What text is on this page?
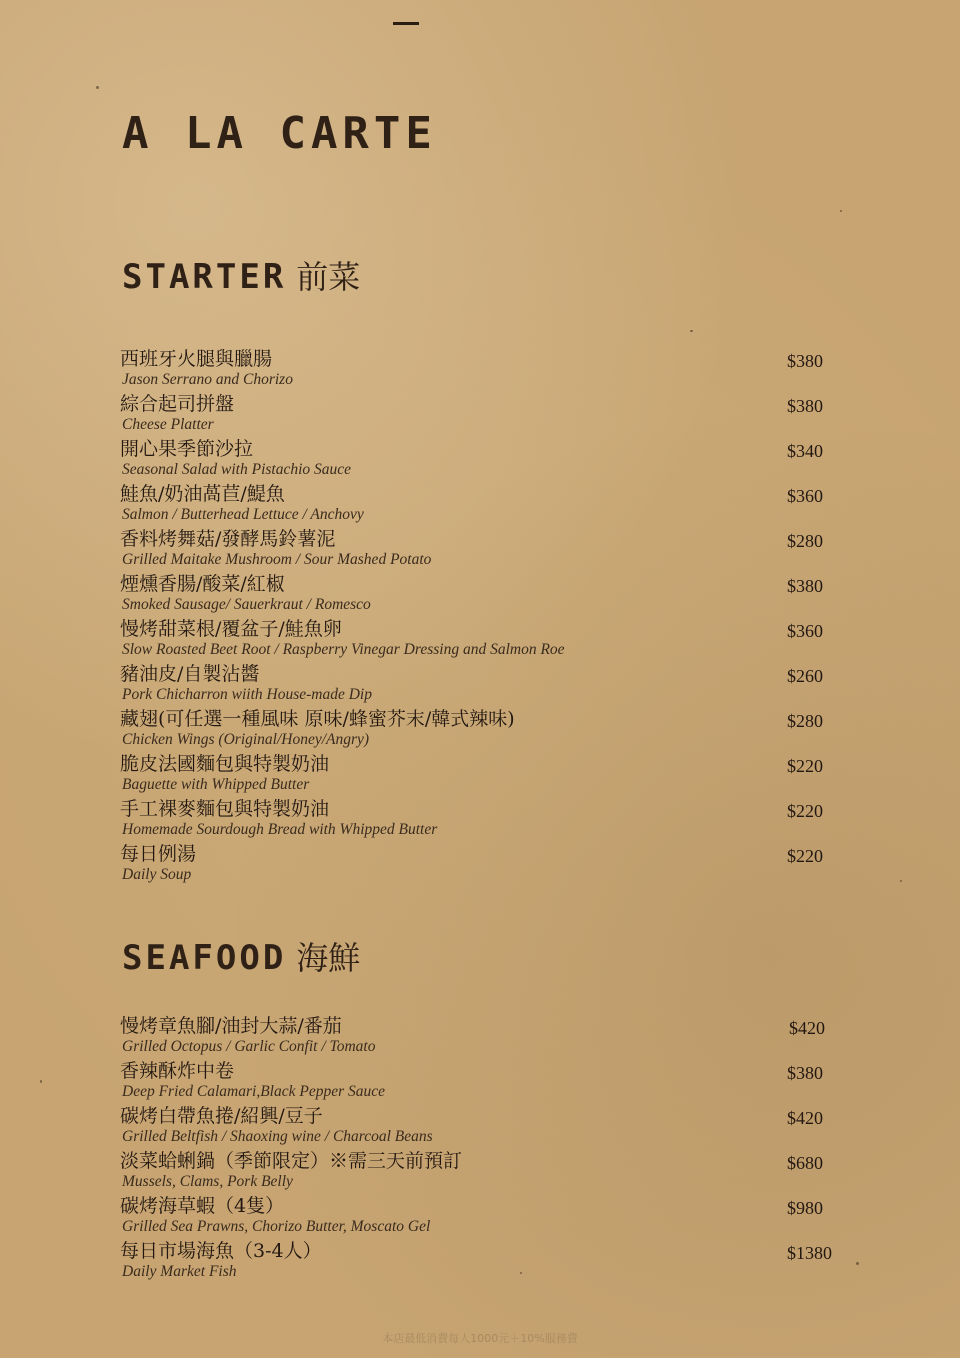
A LA CARTE
STARTER 前菜
西班牙火腿與臘腸
Jason Serrano and Chorizo
$380
綜合起司拼盤
Cheese Platter
$380
開心果季節沙拉
Seasonal Salad with Pistachio Sauce
$340
鮭魚/奶油萵苣/鯷魚
Salmon / Butterhead Lettuce / Anchovy
$360
香料烤舞菇/發酵馬鈴薯泥
Grilled Maitake Mushroom / Sour Mashed Potato
$280
煙燻香腸/酸菜/紅椒
Smoked Sausage/ Sauerkraut / Romesco
$380
慢烤甜菜根/覆盆子/鮭魚卵
Slow Roasted Beet Root / Raspberry Vinegar Dressing and Salmon Roe
$360
豬油皮/自製沾醬
Pork Chicharron wiith House-made Dip
$260
藏翅(可任選一種風味 原味/蜂蜜芥末/韓式辣味)
Chicken Wings (Original/Honey/Angry)
$280
脆皮法國麵包與特製奶油
Baguette with Whipped Butter
$220
手工裸麥麵包與特製奶油
Homemade Sourdough Bread with Whipped Butter
$220
每日例湯
Daily Soup
$220
SEAFOOD 海鮮
慢烤章魚腳/油封大蒜/番茄
Grilled Octopus / Garlic Confit / Tomato
$420
香辣酥炸中卷
Deep Fried Calamari,Black Pepper Sauce
$380
碳烤白帶魚捲/紹興/豆子
Grilled Beltfish / Shaoxing wine / Charcoal Beans
$420
淡菜蛤蜊鍋（季節限定）※需三天前預訂
Mussels, Clams, Pork Belly
$680
碳烤海草蝦（4隻）
Grilled Sea Prawns, Chorizo Butter, Moscato Gel
$980
每日市場海魚（3-4人）
Daily Market Fish
$1380
本店最低消費每人1000元＋10%服務費
